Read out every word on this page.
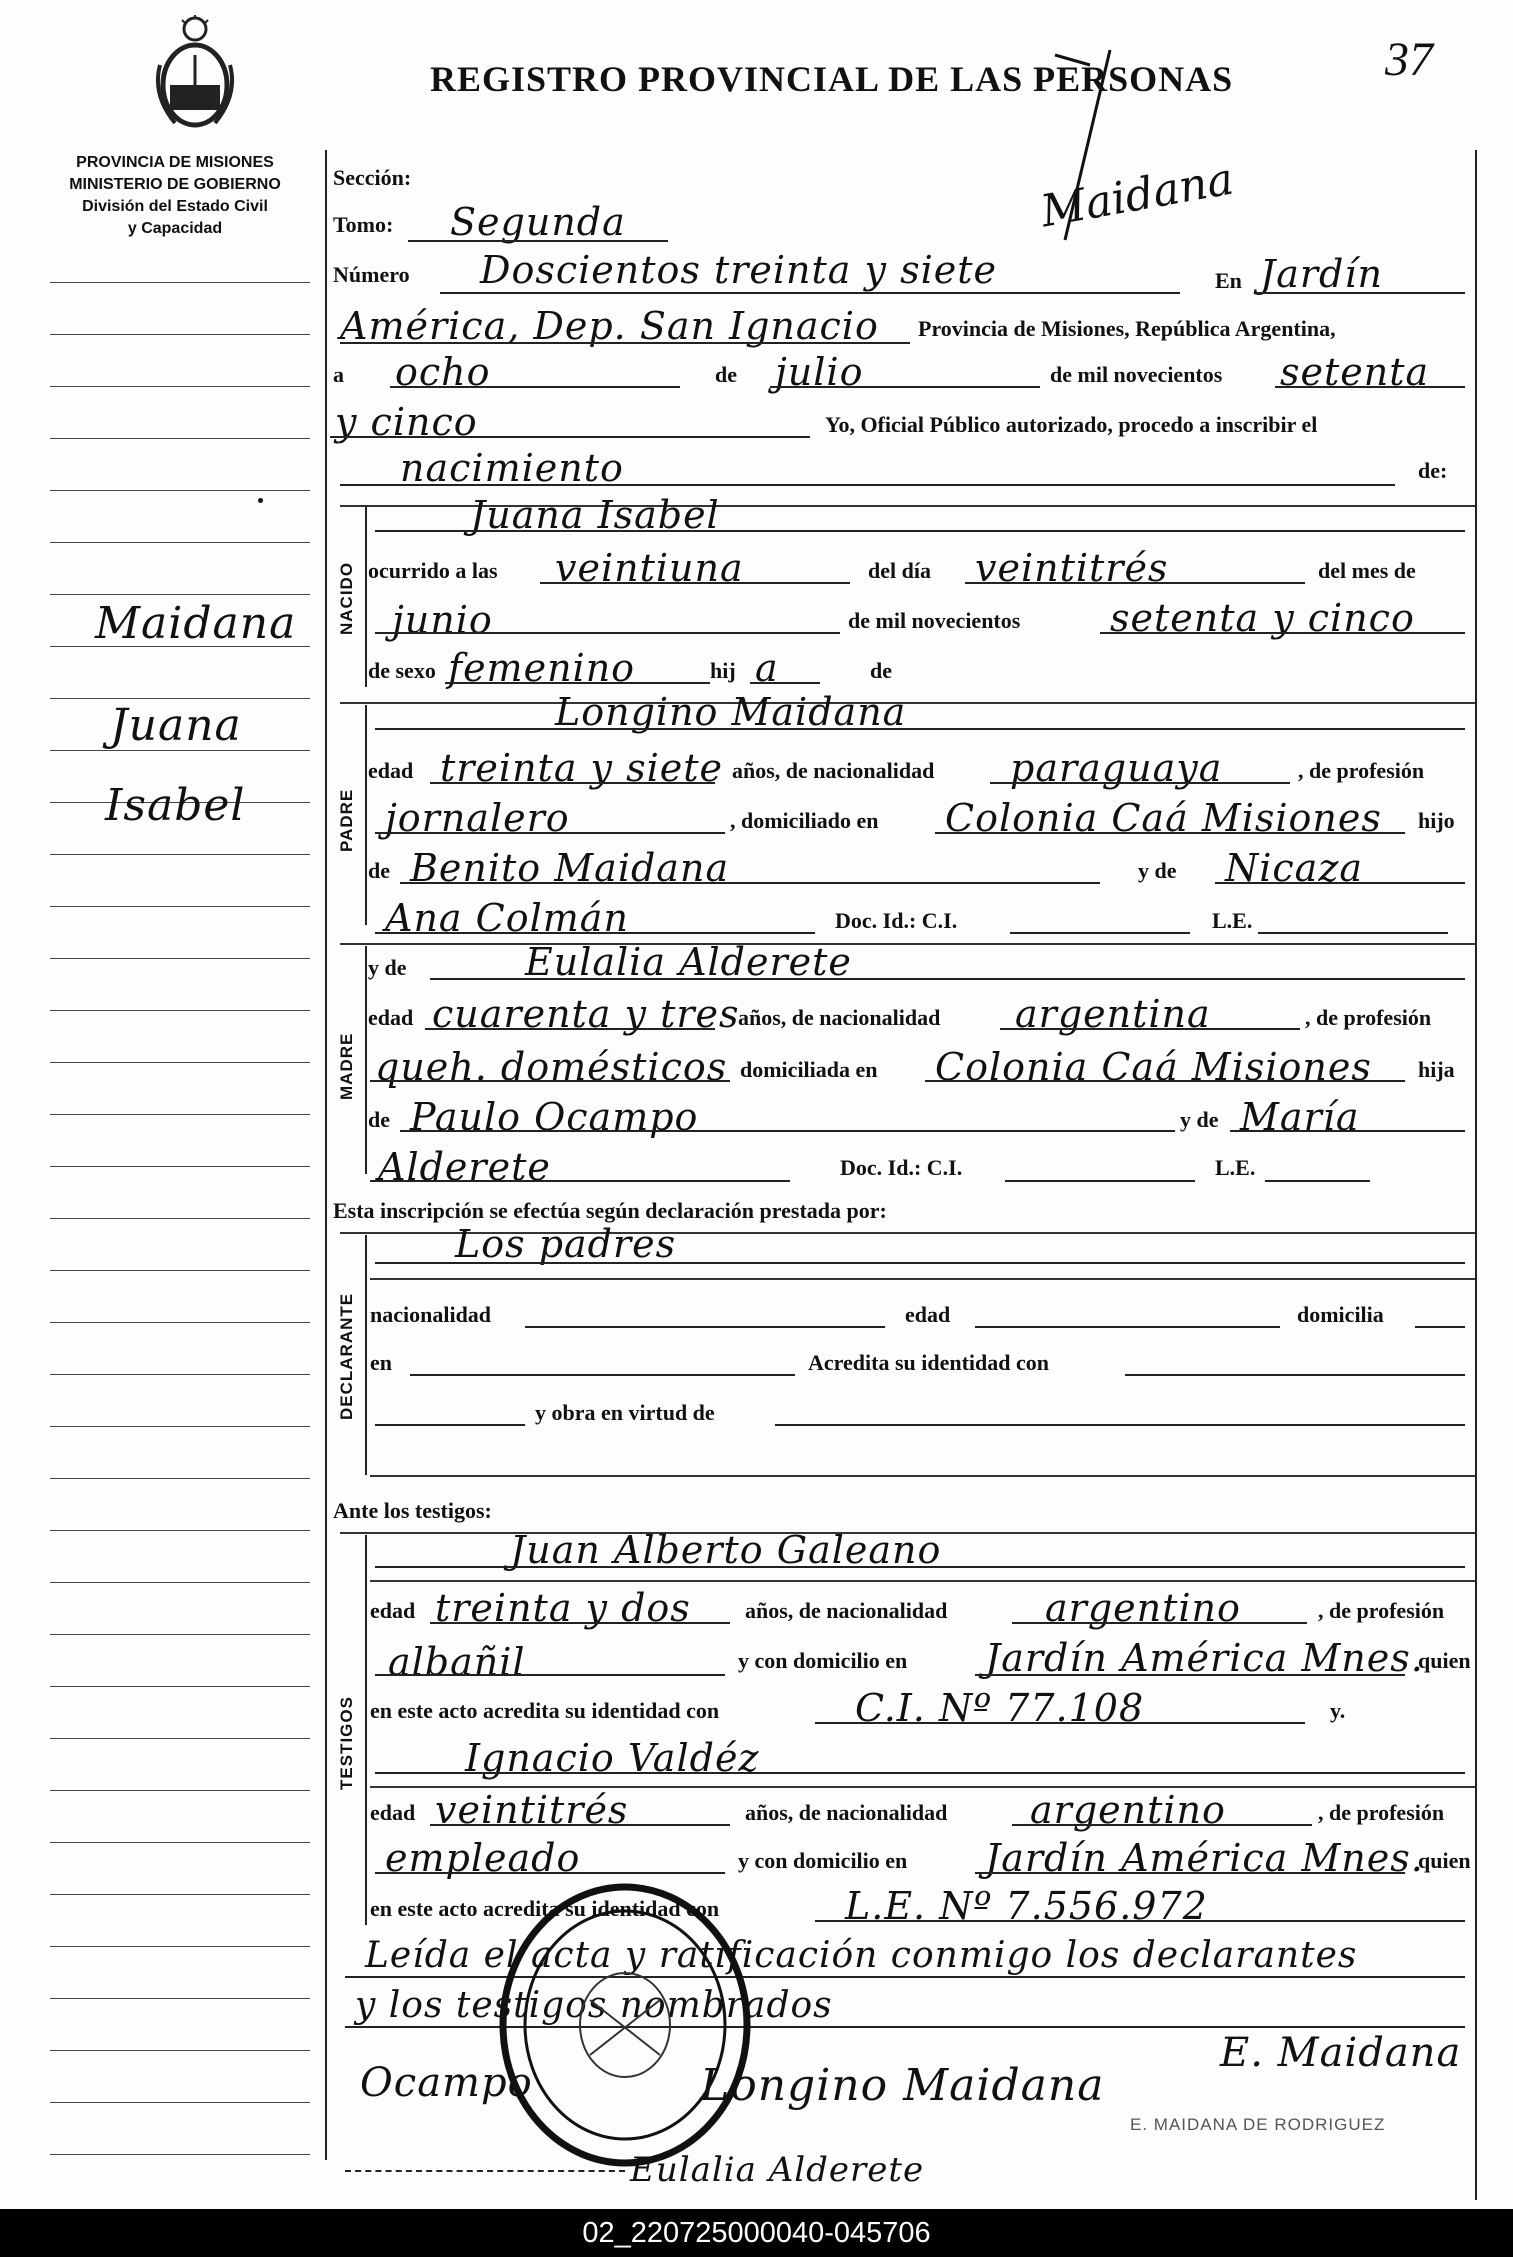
PROVINCIA DE MISIONES
MINISTERIO DE GOBIERNO
División del Estado Civil
y Capacidad
REGISTRO PROVINCIAL DE LAS PERSONAS	37
Maidana
Maidana
Juana
Isabel
Sección:
Tomo: Segunda
Número Doscientos treinta y siete	En Jardín
América, Dep. San Ignacio Provincia de Misiones, República Argentina,
a ocho	de julio	de mil novecientos setenta
y cinco	Yo, Oficial Público autorizado, procedo a inscribir el
nacimiento	de:
NACIDO
Juana Isabel
ocurrido a las veintiuna	del día veintitrés	del mes de
junio	de mil novecientos setenta y cinco
de sexo femenino	hij a	de
PADRE
Longino Maidana
edad treinta y siete años, de nacionalidad paraguaya	, de profesión
jornalero	, domiciliado en Colonia Caá Misiones hijo
de Benito Maidana	y de Nicaza
Ana Colmán	Doc. Id.: C.I.	L.E.
MADRE
y de	Eulalia Alderete
edad cuarenta y tres
años, de nacionalidad argentina	, de profesión
queh. domésticos domiciliada en Colonia Caá Misiones hija
de Paulo Ocampo	y de María
Alderete	Doc. Id.: C.I.	L.E.
Esta inscripción se efectúa según declaración prestada por:
DECLARANTE
Los padres
nacionalidad	edad	domicilia
en	Acredita su identidad con
y obra en virtud de
Ante los testigos:
TESTIGOS
Juan Alberto Galeano
edad treinta y dos años, de nacionalidad	argentino	, de profesión
albañil	y con domicilio en Jardín América Mnes.
quien
en este acto acredita su identidad con	C.I. Nº 77.108	y.
Ignacio Valdéz
edad veintitrés	años, de nacionalidad argentino	, de profesión
empleado	y con domicilio en Jardín América Mnes.
quien
en este acto acredita su identidad con	L.E. Nº 7.556.972
Leída el acta y ratificación conmigo los declarantes
y los testigos nombrados
Ocampo	Longino Maidana
E. Maidana
E. MAIDANA DE RODRIGUEZ
Eulalia Alderete
02_220725000040-045706
